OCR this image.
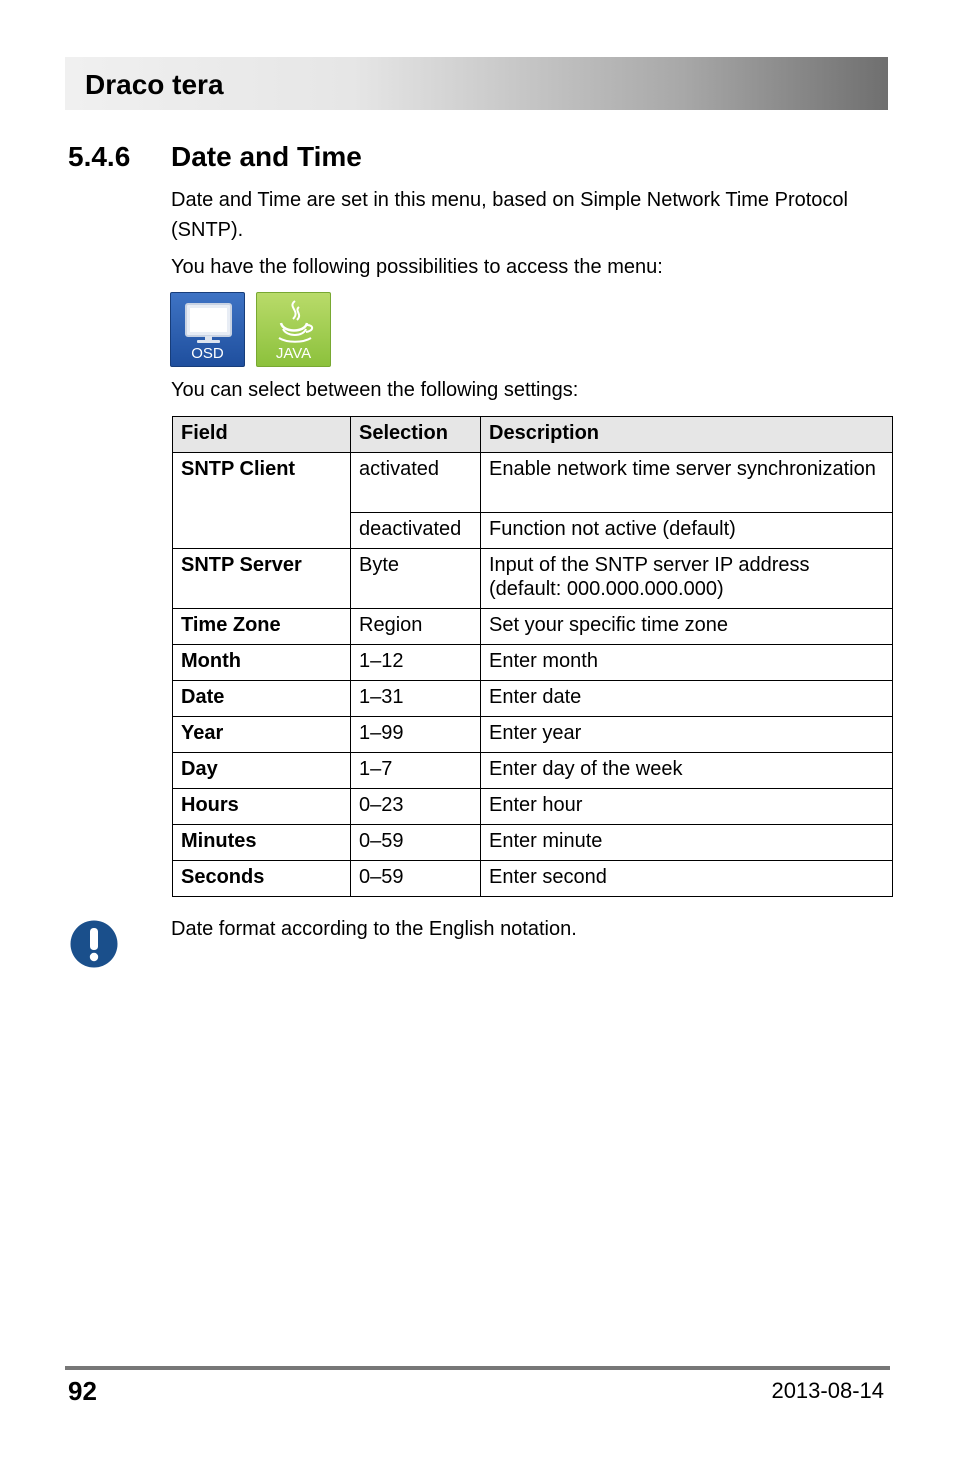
Draco tera
5.4.6 Date and Time
Date and Time are set in this menu, based on Simple Network Time Protocol (SNTP).
You have the following possibilities to access the menu:
OSD	JAVA
You can select between the following settings:
Field	Selection	Description
SNTP Client	activated	Enable network time server synchronization
	deactivated	Function not active (default)
SNTP Server	Byte	Input of the SNTP server IP address (default: 000.000.000.000)
Time Zone	Region	Set your specific time zone
Month	1–12	Enter month
Date	1–31	Enter date
Year	1–99	Enter year
Day	1–7	Enter day of the week
Hours	0–23	Enter hour
Minutes	0–59	Enter minute
Seconds	0–59	Enter second
Date format according to the English notation.
92	2013-08-14
